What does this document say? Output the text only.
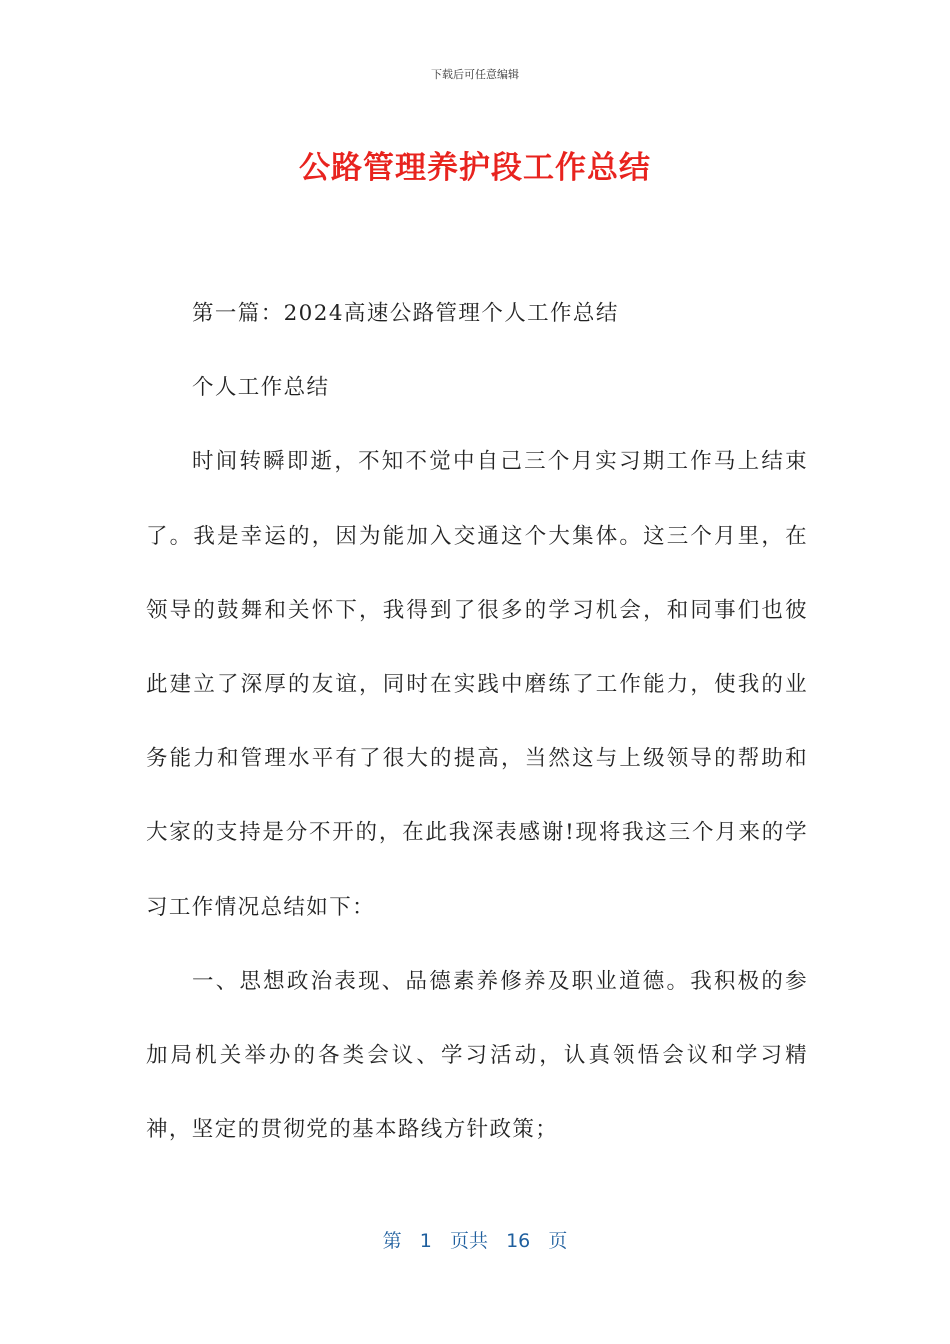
下载后可任意编辑
公路管理养护段工作总结

第一篇：2024高速公路管理个人工作总结

个人工作总结

时间转瞬即逝，不知不觉中自己三个月实习期工作马上结束了。我是幸运的，因为能加入交通这个大集体。这三个月里，在领导的鼓舞和关怀下，我得到了很多的学习机会，和同事们也彼此建立了深厚的友谊，同时在实践中磨练了工作能力，使我的业务能力和管理水平有了很大的提高，当然这与上级领导的帮助和大家的支持是分不开的，在此我深表感谢!现将我这三个月来的学习工作情况总结如下：

一、思想政治表现、品德素养修养及职业道德。我积极的参加局机关举办的各类会议、学习活动，认真领悟会议和学习精神，坚定的贯彻党的基本路线方针政策；

第 1 页共 16 页
